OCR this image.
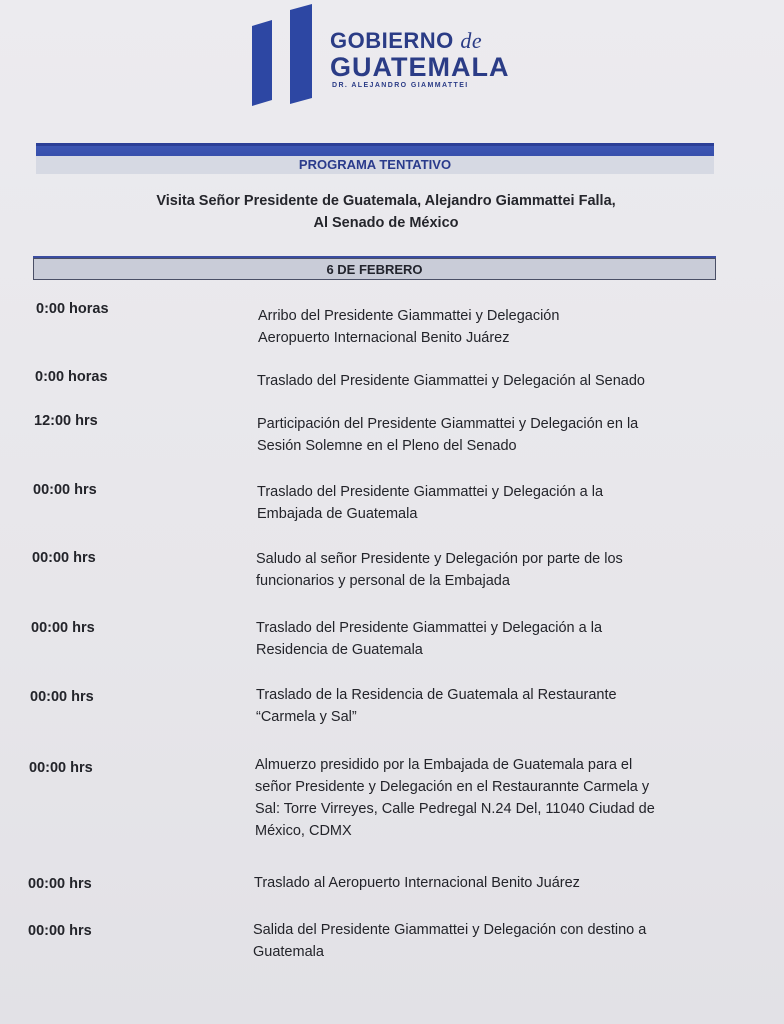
GOBIERNO de
GUATEMALA
DR. ALEJANDRO GIAMMATTEI
PROGRAMA TENTATIVO
Visita Señor Presidente de Guatemala, Alejandro Giammattei Falla,
Al Senado de México
6 DE FEBRERO
0:00 horas	Arribo del Presidente Giammattei y Delegación
Aeropuerto Internacional Benito Juárez
0:00 horas	Traslado del Presidente Giammattei y Delegación al Senado
12:00 hrs	Participación del Presidente Giammattei y Delegación en la
Sesión Solemne en el Pleno del Senado
00:00 hrs	Traslado del Presidente Giammattei y Delegación a la
Embajada de Guatemala
00:00 hrs	Saludo al señor Presidente y Delegación por parte de los
funcionarios y personal de la Embajada
00:00 hrs	Traslado del Presidente Giammattei y Delegación a la
Residencia de Guatemala
00:00 hrs	Traslado de la Residencia de Guatemala al Restaurante
“Carmela y Sal”
00:00 hrs	Almuerzo presidido por la Embajada de Guatemala para el
señor Presidente y Delegación en el Restaurannte Carmela y
Sal: Torre Virreyes, Calle Pedregal N.24 Del, 11040 Ciudad de
México, CDMX
00:00 hrs	Traslado al Aeropuerto Internacional Benito Juárez
00:00 hrs	Salida del Presidente Giammattei y Delegación con destino a
Guatemala
